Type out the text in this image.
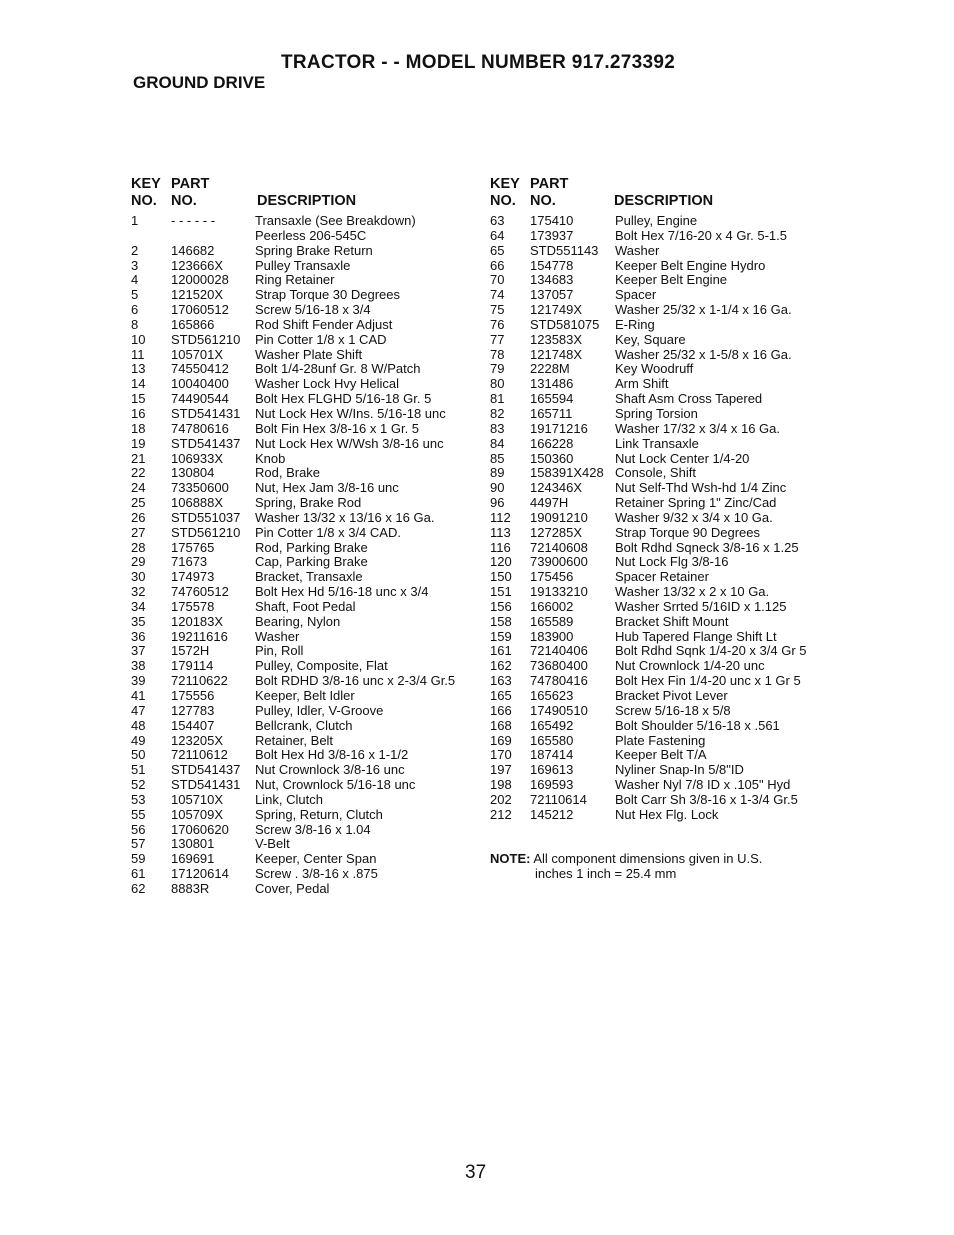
TRACTOR - - MODEL NUMBER 917.273392
GROUND DRIVE
KEY PART
NO. NO.	DESCRIPTION
1	- - - - - -	Transaxle (See Breakdown)
Peerless 206-545C
2	146682	Spring Brake Return
3	123666X Pulley Transaxle
4	12000028 Ring Retainer
5	121520X Strap Torque 30 Degrees
6	17060512 Screw 5/16-18 x 3/4
8	165866	Rod Shift Fender Adjust
10 STD561210 Pin Cotter 1/8 x 1 CAD
11 105701X Washer Plate Shift
13 74550412 Bolt 1/4-28unf Gr. 8 W/Patch
14 10040400 Washer Lock Hvy Helical
15 74490544 Bolt Hex FLGHD 5/16-18 Gr. 5
16 STD541431 Nut Lock Hex W/Ins. 5/16-18 unc
18 74780616 Bolt Fin Hex 3/8-16 x 1 Gr. 5
19 STD541437 Nut Lock Hex W/Wsh 3/8-16 unc
21 106933X Knob
22 130804	Rod, Brake
24 73350600 Nut, Hex Jam 3/8-16 unc
25 106888X Spring, Brake Rod
26 STD551037 Washer 13/32 x 13/16 x 16 Ga.
27 STD561210 Pin Cotter 1/8 x 3/4 CAD.
28 175765	Rod, Parking Brake
29 71673	Cap, Parking Brake
30 174973	Bracket, Transaxle
32 74760512 Bolt Hex Hd 5/16-18 unc x 3/4
34 175578	Shaft, Foot Pedal
35 120183X Bearing, Nylon
36 19211616 Washer
37 1572H	Pin, Roll
38 179114	Pulley, Composite, Flat
39 72110622 Bolt RDHD 3/8-16 unc x 2-3/4 Gr.5
41 175556	Keeper, Belt Idler
47 127783	Pulley, Idler, V-Groove
48 154407	Bellcrank, Clutch
49 123205X Retainer, Belt
50 72110612 Bolt Hex Hd 3/8-16 x 1-1/2
51 STD541437 Nut Crownlock 3/8-16 unc
52 STD541431 Nut, Crownlock 5/16-18 unc
53 105710X Link, Clutch
55 105709X Spring, Return, Clutch
56 17060620 Screw 3/8-16 x 1.04
57 130801	V-Belt
59 169691	Keeper, Center Span
61 17120614 Screw . 3/8-16 x .875
62 8883R	Cover, Pedal
KEY PART
NO. NO.	DESCRIPTION
63 175410	Pulley, Engine
64 173937	Bolt Hex 7/16-20 x 4 Gr. 5-1.5
65 STD551143 Washer
66 154778	Keeper Belt Engine Hydro
70 134683	Keeper Belt Engine
74 137057	Spacer
75 121749X	Washer 25/32 x 1-1/4 x 16 Ga.
76 STD581075 E-Ring
77 123583X	Key, Square
78 121748X	Washer 25/32 x 1-5/8 x 16 Ga.
79 2228M	Key Woodruff
80 131486	Arm Shift
81 165594	Shaft Asm Cross Tapered
82 165711	Spring Torsion
83 19171216 Washer 17/32 x 3/4 x 16 Ga.
84 166228	Link Transaxle
85 150360	Nut Lock Center 1/4-20
89 158391X428 Console, Shift
90 124346X	Nut Self-Thd Wsh-hd 1/4 Zinc
96 4497H	Retainer Spring 1" Zinc/Cad
112 19091210 Washer 9/32 x 3/4 x 10 Ga.
113 127285X	Strap Torque 90 Degrees
116 72140608 Bolt Rdhd Sqneck 3/8-16 x 1.25
120 73900600 Nut Lock Flg 3/8-16
150 175456	Spacer Retainer
151 19133210 Washer 13/32 x 2 x 10 Ga.
156 166002	Washer Srrted 5/16ID x 1.125
158 165589	Bracket Shift Mount
159 183900	Hub Tapered Flange Shift Lt
161 72140406 Bolt Rdhd Sqnk 1/4-20 x 3/4 Gr 5
162 73680400 Nut Crownlock 1/4-20 unc
163 74780416 Bolt Hex Fin 1/4-20 unc x 1 Gr 5
165 165623	Bracket Pivot Lever
166 17490510 Screw 5/16-18 x 5/8
168 165492	Bolt Shoulder 5/16-18 x .561
169 165580	Plate Fastening
170 187414	Keeper Belt T/A
197 169613	Nyliner Snap-In 5/8"ID
198 169593	Washer Nyl 7/8 ID x .105" Hyd
202 72110614 Bolt Carr Sh 3/8-16 x 1-3/4 Gr.5
212 145212	Nut Hex Flg. Lock
NOTE: All component dimensions given in U.S.
inches 1 inch = 25.4 mm
37
